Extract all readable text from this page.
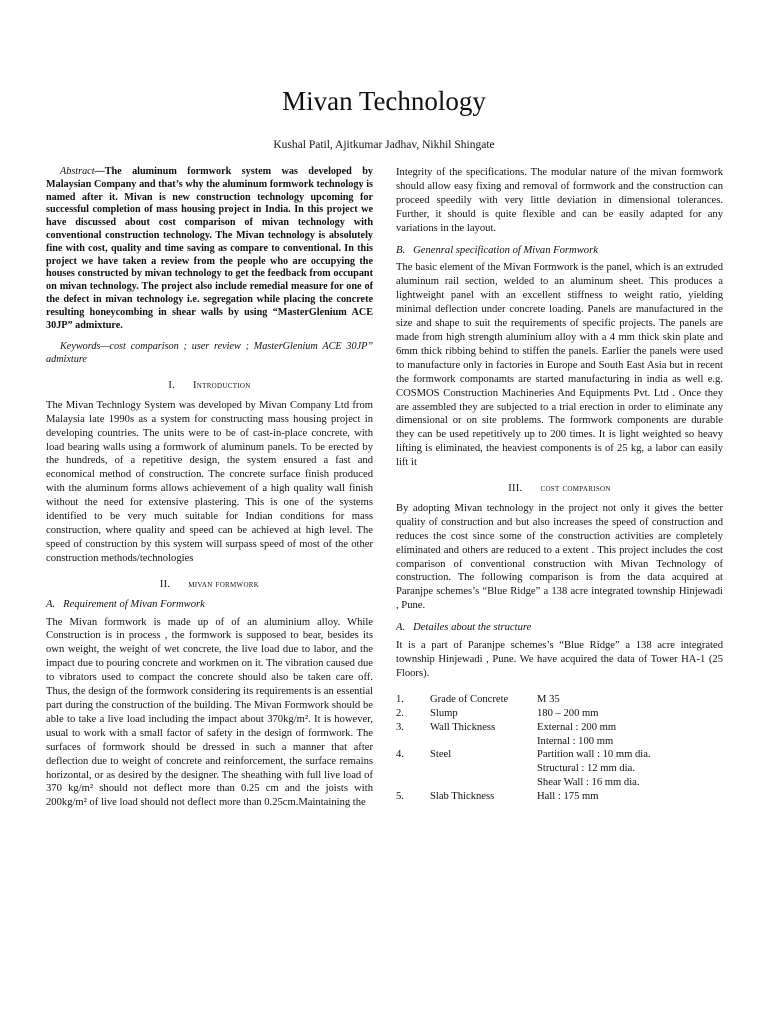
Mivan Technology

Kushal Patil, Ajitkumar Jadhav, Nikhil Shingate

Abstract—The aluminum formwork system was developed by Malaysian Company and that’s why the aluminum formwork technology is named after it. Mivan is new construction technology upcoming for successful completion of mass housing project in India. In this project we have discussed about cost comparison of mivan technology with conventional construction technology. The Mivan technology is absolutely fine with cost, quality and time saving as compare to conventional. In this project we have taken a review from the people who are occupying the houses constructed by mivan technology to get the feedback from occupant on mivan technology. The project also include remedial measure for one of the defect in mivan technology i.e. segregation while placing the concrete resulting honeycombing in shear walls by using “MasterGlenium ACE 30JP” admixture.

Keywords—cost comparison ; user review ; MasterGlenium ACE 30JP” admixture

I. Introduction

The Mivan Technlogy System was developed by Mivan Company Ltd from Malaysia late 1990s as a system for constructing mass housing project in developing countries. The units were to be of cast-in-place concrete, with load bearing walls using a formwork of aluminum panels. To be erected by the hundreds, of a repetitive design, the system ensured a fast and economical method of construction. The concrete surface finish produced with the aluminum forms allows achievement of a high quality wall finish without the need for extensive plastering. This is one of the systems identified to be very much suitable for Indian conditions for mass construction, where quality and speed can be achieved at high level. The speed of construction by this system will surpass speed of most of the other construction methods/technologies

II. mivan formwork
A. Requirement of Mivan Formwork

The Mivan formwork is made up of of an aluminium alloy. While Construction is in process , the formwork is supposed to bear, besides its own weight, the weight of wet concrete, the live load due to labor, and the impact due to pouring concrete and workmen on it. The vibration caused due to vibrators used to compact the concrete should also be taken care off. Thus, the design of the formwork considering its requirements is an essential part during the construction of the building. The Mivan Formwork should be able to take a live load including the impact about 370kg/m². It is however, usual to work with a small factor of safety in the design of formwork. The surfaces of formwork should be dressed in such a manner that after deflection due to weight of concrete and reinforcement, the surface remains horizontal, or as desired by the designer. The sheathing with full live load of 370 kg/m² should not deflect more than 0.25 cm and the joists with 200kg/m² of live load should not deflect more than 0.25cm.Maintaining the

Integrity of the specifications. The modular nature of the mivan formwork should allow easy fixing and removal of formwork and the construction can proceed speedily with very little deviation in dimensional tolerances. Further, it should is quite flexible and can be easily adapted for any variations in the layout.

B. Genenral specification of Mivan Formwork

The basic element of the Mivan Formwork is the panel, which is an extruded aluminum rail section, welded to an aluminum sheet. This produces a lightweight panel with an excellent stiffness to weight ratio, yielding minimal deflection under concrete loading. Panels are manufactured in the size and shape to suit the requirements of specific projects. The panels are made from high strength aluminium alloy with a 4 mm thick skin plate and 6mm thick ribbing behind to stiffen the panels. Earlier the panels were used to manufacture only in factories in Europe and South East Asia but in recent the formwork componamts are started manufacturing in india as well e.g. COSMOS Construction Machineries And Equipments Pvt. Ltd . Once they are assembled they are subjected to a trial erection in order to eliminate any dimensional or on site problems. The formwork components are durable they can be used repetitively up to 200 times. It is light weighted so heavy lifting is eliminated, the heaviest components is of 25 kg, a labor can easily lift it

III. cost comparison

By adopting Mivan technology in the project not only it gives the better quality of construction and but also increases the speed of construction and reduces the cost since some of the construction activities are completely eliminated and others are reduced to a extent . This project includes the cost comparison of conventional construction with Mivan Technology of construction. The following comparison is from the data acquired at Paranjpe schemes’s “Blue Ridge” a 138 acre integrated township Hinjewadi , Pune.

A. Detailes about the structure

It is a part of Paranjpe schemes’s “Blue Ridge” a 138 acre integrated township Hinjewadi , Pune. We have acquired the data of Tower HA-1 (25 Floors).

1.	Grade of Concrete	M 35
2.	Slump	180 – 200 mm
3.	Wall Thickness	External : 200 mm
		Internal : 100 mm
4.	Steel	Partition wall : 10 mm dia.
		Structural : 12 mm dia.
		Shear Wall : 16 mm dia.
5.	Slab Thickness	Hall : 175 mm
